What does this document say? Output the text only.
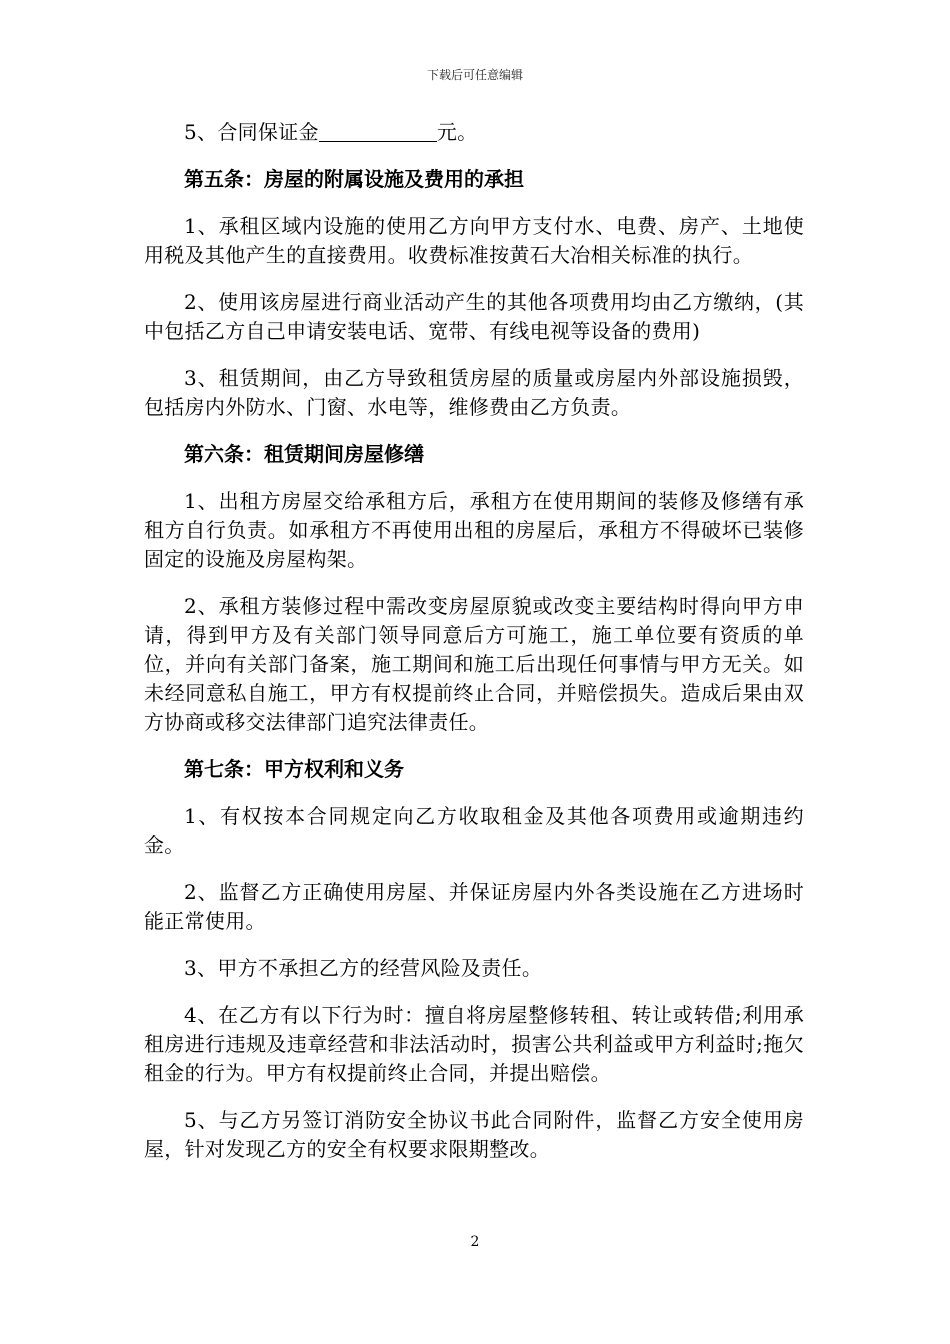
下载后可任意编辑

5、合同保证金	元。

第五条：房屋的附属设施及费用的承担

1、承租区域内设施的使用乙方向甲方支付水、电费、房产、土地使用税及其他产生的直接费用。收费标准按黄石大冶相关标准的执行。

2、使用该房屋进行商业活动产生的其他各项费用均由乙方缴纳，(其中包括乙方自己申请安装电话、宽带、有线电视等设备的费用)

3、租赁期间，由乙方导致租赁房屋的质量或房屋内外部设施损毁，包括房内外防水、门窗、水电等，维修费由乙方负责。

第六条：租赁期间房屋修缮

1、出租方房屋交给承租方后，承租方在使用期间的装修及修缮有承租方自行负责。如承租方不再使用出租的房屋后，承租方不得破坏已装修固定的设施及房屋构架。

2、承租方装修过程中需改变房屋原貌或改变主要结构时得向甲方申请，得到甲方及有关部门领导同意后方可施工，施工单位要有资质的单位，并向有关部门备案，施工期间和施工后出现任何事情与甲方无关。如未经同意私自施工，甲方有权提前终止合同，并赔偿损失。造成后果由双方协商或移交法律部门追究法律责任。

第七条：甲方权利和义务

1、有权按本合同规定向乙方收取租金及其他各项费用或逾期违约金。

2、监督乙方正确使用房屋、并保证房屋内外各类设施在乙方进场时能正常使用。

3、甲方不承担乙方的经营风险及责任。

4、在乙方有以下行为时：擅自将房屋整修转租、转让或转借;利用承租房进行违规及违章经营和非法活动时，损害公共利益或甲方利益时;拖欠租金的行为。甲方有权提前终止合同，并提出赔偿。

5、与乙方另签订消防安全协议书此合同附件，监督乙方安全使用房屋，针对发现乙方的安全有权要求限期整改。

2
